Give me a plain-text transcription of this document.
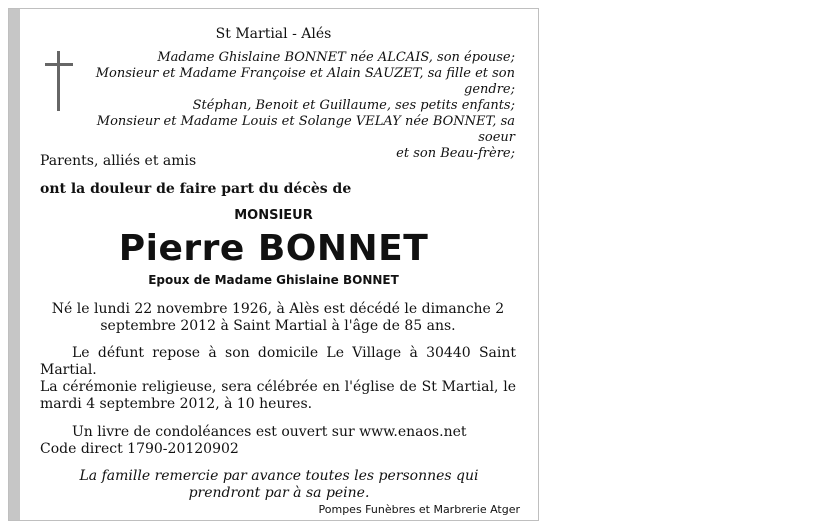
St Martial - Alés
Madame Ghislaine BONNET née ALCAIS, son épouse;
Monsieur et Madame Françoise et Alain SAUZET, sa fille et son
gendre;
Stéphan, Benoit et Guillaume, ses petits enfants;
Monsieur et Madame Louis et Solange VELAY née BONNET, sa soeur
et son Beau-frère;
Parents, alliés et amis
ont la douleur de faire part du décès de
MONSIEUR
Pierre BONNET
Epoux de Madame Ghislaine BONNET
Né le lundi 22 novembre 1926, à Alès est décédé le dimanche 2
septembre 2012 à Saint Martial à l'âge de 85 ans.
Le défunt repose à son domicile Le Village à 30440 Saint Martial.
La cérémonie religieuse, sera célébrée en l'église de St Martial, le mardi 4 septembre 2012, à 10 heures.
Un livre de condoléances est ouvert sur www.enaos.net
Code direct 1790-20120902
La famille remercie par avance toutes les personnes qui
prendront par à sa peine.
Pompes Funèbres et Marbrerie Atger
